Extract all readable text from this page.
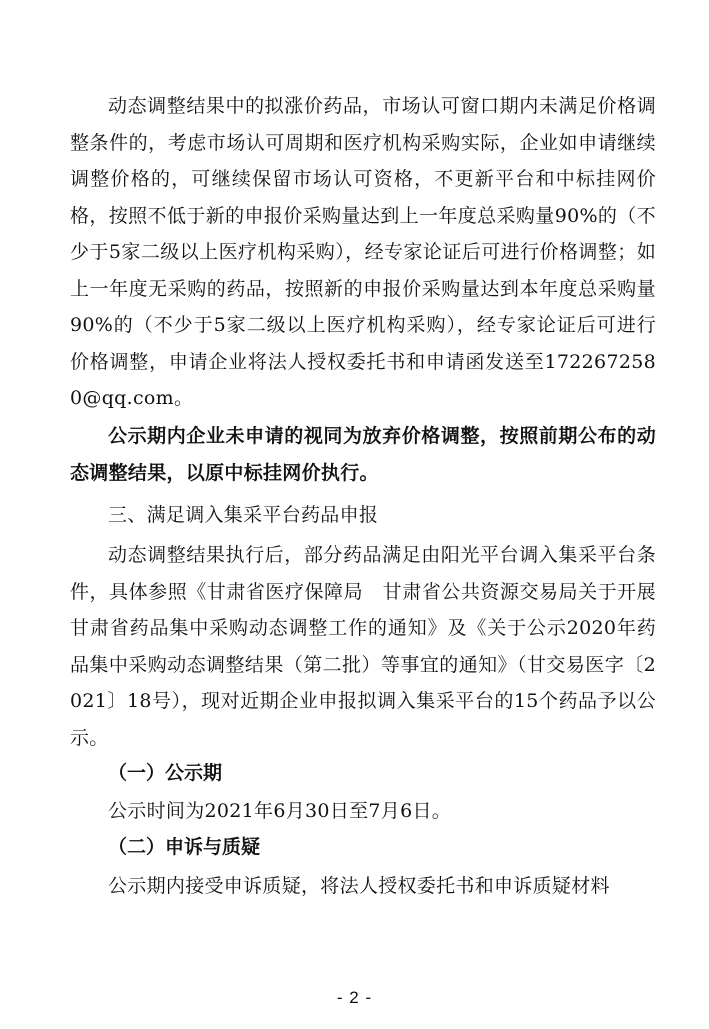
动态调整结果中的拟涨价药品，市场认可窗口期内未满足价格调整条件的，考虑市场认可周期和医疗机构采购实际，企业如申请继续调整价格的，可继续保留市场认可资格，不更新平台和中标挂网价格，按照不低于新的申报价采购量达到上一年度总采购量90%的（不少于5家二级以上医疗机构采购），经专家论证后可进行价格调整；如上一年度无采购的药品，按照新的申报价采购量达到本年度总采购量90%的（不少于5家二级以上医疗机构采购），经专家论证后可进行价格调整，申请企业将法人授权委托书和申请函发送至1722672580@qq.com。

公示期内企业未申请的视同为放弃价格调整，按照前期公布的动态调整结果，以原中标挂网价执行。

三、满足调入集采平台药品申报

动态调整结果执行后，部分药品满足由阳光平台调入集采平台条件，具体参照《甘肃省医疗保障局　甘肃省公共资源交易局关于开展甘肃省药品集中采购动态调整工作的通知》及《关于公示2020年药品集中采购动态调整结果（第二批）等事宜的通知》（甘交易医字〔2021〕18号），现对近期企业申报拟调入集采平台的15个药品予以公示。

（一）公示期

公示时间为2021年6月30日至7月6日。

（二）申诉与质疑

公示期内接受申诉质疑，将法人授权委托书和申诉质疑材料

- 2 -
